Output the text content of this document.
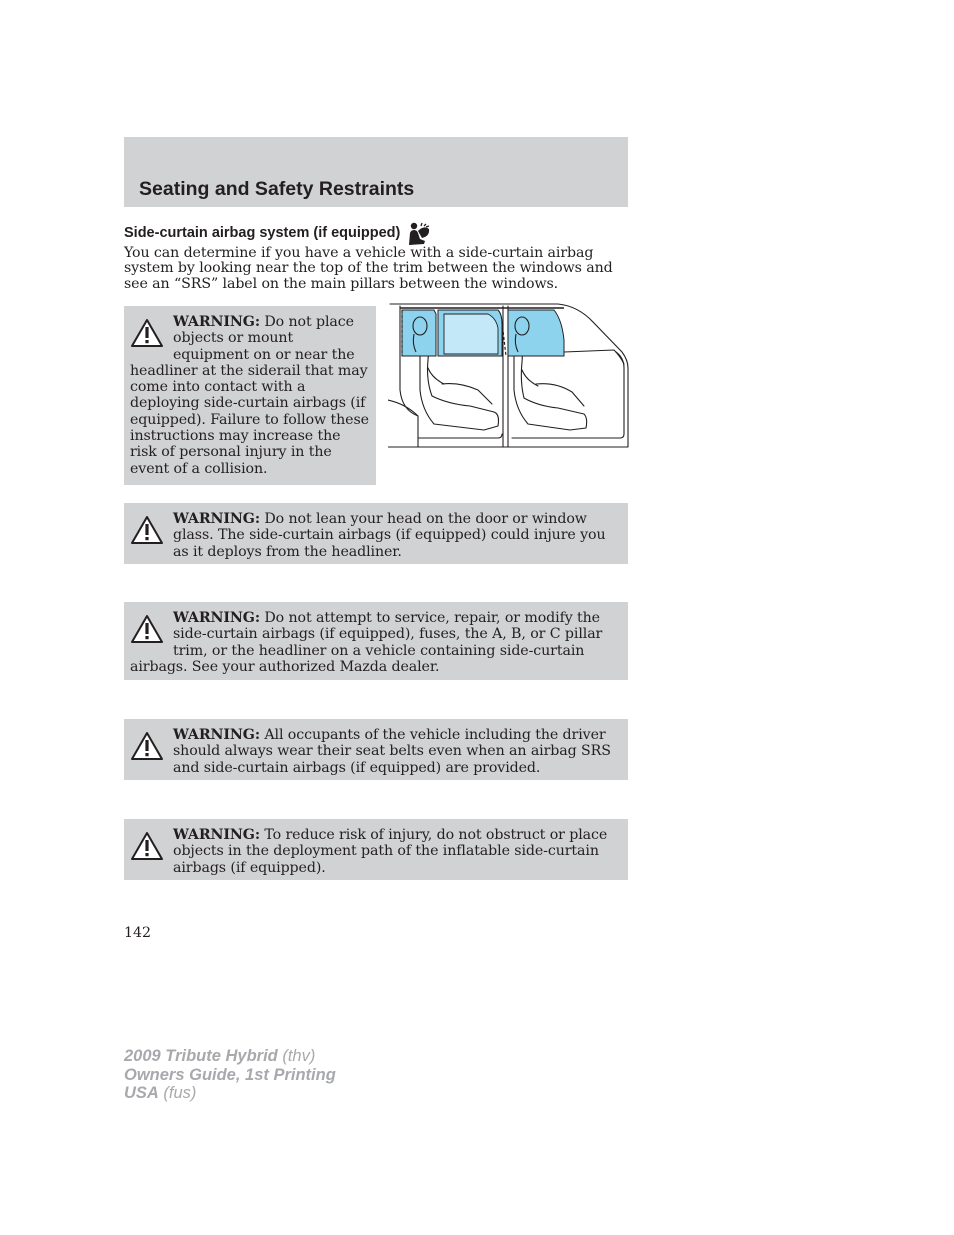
Seating and Safety Restraints
Side-curtain airbag system (if equipped)

You can determine if you have a vehicle with a side-curtain airbag system by looking near the top of the trim between the windows and see an “SRS” label on the main pillars between the windows.

WARNING: Do not place objects or mount equipment on or near the headliner at the siderail that may come into contact with a deploying side-curtain airbags (if equipped). Failure to follow these instructions may increase the risk of personal injury in the event of a collision.

WARNING: Do not lean your head on the door or window glass. The side-curtain airbags (if equipped) could injure you as it deploys from the headliner.

WARNING: Do not attempt to service, repair, or modify the side-curtain airbags (if equipped), fuses, the A, B, or C pillar trim, or the headliner on a vehicle containing side-curtain airbags. See your authorized Mazda dealer.

WARNING: All occupants of the vehicle including the driver should always wear their seat belts even when an airbag SRS and side-curtain airbags (if equipped) are provided.

WARNING: To reduce risk of injury, do not obstruct or place objects in the deployment path of the inflatable side-curtain airbags (if equipped).

142

2009 Tribute Hybrid (thv)
Owners Guide, 1st Printing
USA (fus)
